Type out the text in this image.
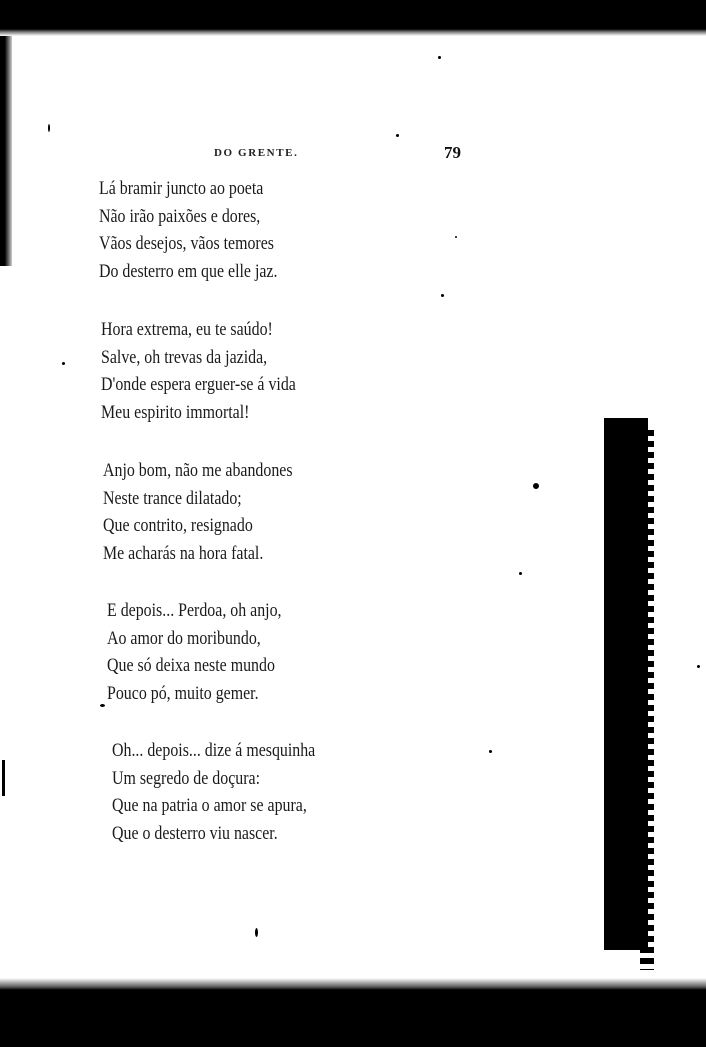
DO GRENTE.	79
Lá bramir juncto ao poeta
Não irão paixões e dores,
Vãos desejos, vãos temores
Do desterro em que elle jaz.
Hora extrema, eu te saúdo!
Salve, oh trevas da jazida,
D'onde espera erguer-se á vida
Meu espirito immortal!
Anjo bom, não me abandones
Neste trance dilatado;
Que contrito, resignado
Me acharás na hora fatal.
E depois... Perdoa, oh anjo,
Ao amor do moribundo,
Que só deixa neste mundo
Pouco pó, muito gemer.
Oh... depois... dize á mesquinha
Um segredo de doçura:
Que na patria o amor se apura,
Que o desterro viu nascer.
